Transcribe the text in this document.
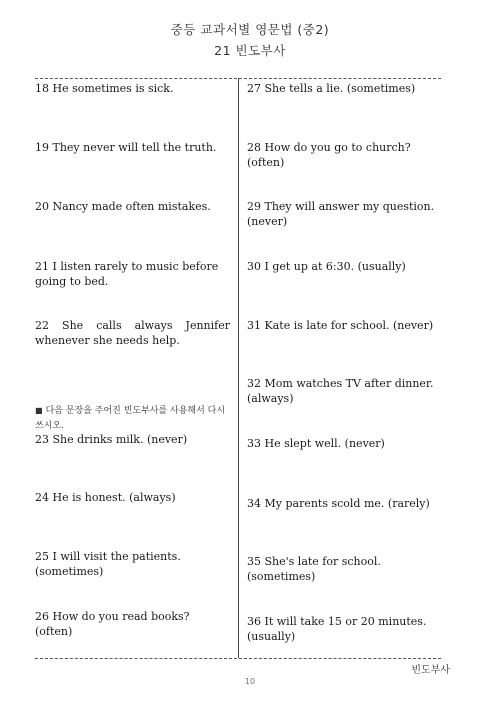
중등 교과서별 영문법 (중2)
21 빈도부사
18 He sometimes is sick.
19 They never will tell the truth.
20 Nancy made often mistakes.
21 I listen rarely to music before going to bed.
22 She calls always Jennifer whenever she needs help.
■ 다음 문장을 주어진 빈도부사를 사용해서 다시 쓰시오.
23 She drinks milk. (never)
24 He is honest. (always)
25 I will visit the patients. (sometimes)
26 How do you read books? (often)
27 She tells a lie. (sometimes)
28 How do you go to church? (often)
29 They will answer my question. (never)
30 I get up at 6:30. (usually)
31 Kate is late for school. (never)
32 Mom watches TV after dinner. (always)
33 He slept well. (never)
34 My parents scold me. (rarely)
35 She's late for school. (sometimes)
36 It will take 15 or 20 minutes. (usually)
빈도부사
10
